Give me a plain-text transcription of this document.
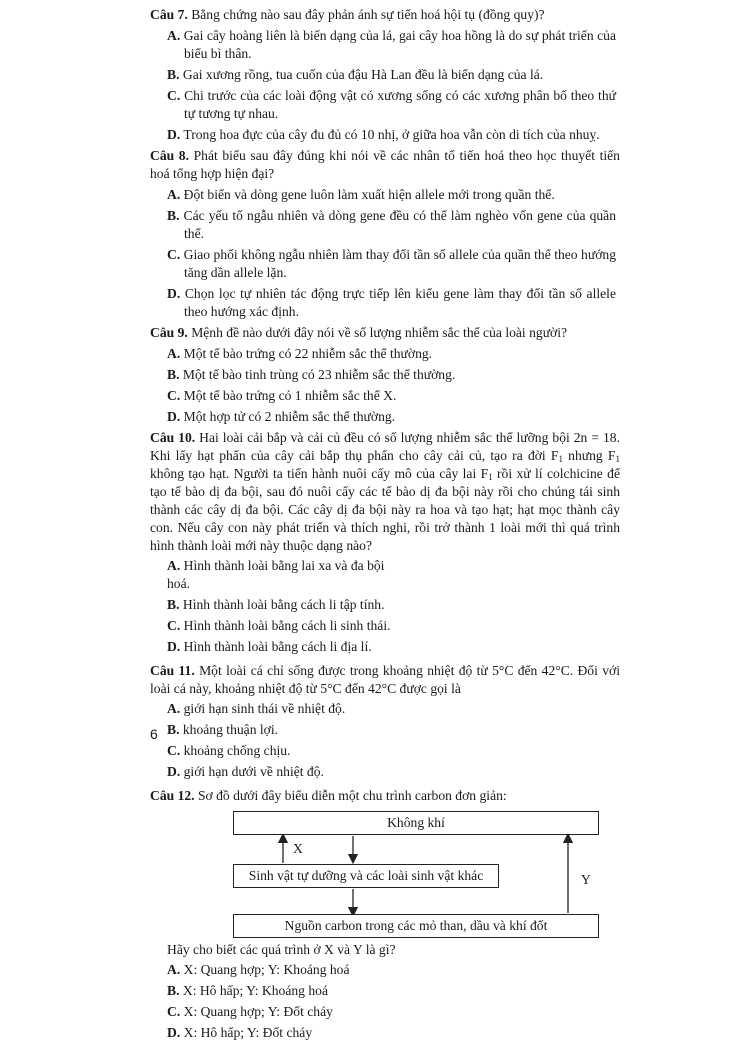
Câu 7. Bằng chứng nào sau đây phản ánh sự tiến hoá hội tụ (đồng quy)?
A. Gai cây hoàng liên là biến dạng của lá, gai cây hoa hồng là do sự phát triển của biểu bì thân.
B. Gai xương rồng, tua cuốn của đậu Hà Lan đều là biến dạng của lá.
C. Chi trước của các loài động vật có xương sống có các xương phân bố theo thứ tự tương tự nhau.
D. Trong hoa đực của cây đu đủ có 10 nhị, ở giữa hoa vẫn còn di tích của nhuỵ.
Câu 8. Phát biểu sau đây đúng khi nói về các nhân tố tiến hoá theo học thuyết tiến hoá tổng hợp hiện đại?
A. Đột biến và dòng gene luôn làm xuất hiện allele mới trong quần thể.
B. Các yếu tố ngẫu nhiên và dòng gene đều có thể làm nghèo vốn gene của quần thể.
C. Giao phối không ngẫu nhiên làm thay đổi tần số allele của quần thể theo hướng tăng dần allele lặn.
D. Chọn lọc tự nhiên tác động trực tiếp lên kiểu gene làm thay đổi tần số allele theo hướng xác định.
Câu 9. Mệnh đề nào dưới đây nói về số lượng nhiễm sắc thể của loài người?
A. Một tế bào trứng có 22 nhiễm sắc thể thường.
B. Một tế bào tinh trùng có 23 nhiễm sắc thể thường.
C. Một tế bào trứng có 1 nhiễm sắc thể X.
D. Một hợp tử có 2 nhiễm sắc thể thường.
Câu 10. Hai loài cải bắp và cải củ đều có số lượng nhiễm sắc thể lưỡng bội 2n = 18. Khi lấy hạt phấn của cây cải bắp thụ phấn cho cây cải củ, tạo ra đời $F_1$ nhưng $F_1$ không tạo hạt. Người ta tiến hành nuôi cấy mô của cây lai $F_1$ rồi xử lí colchicine để tạo tế bào dị đa bội, sau đó nuôi cấy các tế bào dị đa bội này rồi cho chúng tái sinh thành các cây dị đa bội. Các cây dị đa bội này ra hoa và tạo hạt; hạt mọc thành cây con. Nếu cây con này phát triển và thích nghi, rồi trở thành 1 loài mới thì quá trình hình thành loài mới này thuộc dạng nào?
A. Hình thành loài bằng lai xa và đa bội hoá.
B. Hình thành loài bằng cách li tập tính.
C. Hình thành loài bằng cách li sinh thái.
D. Hình thành loài bằng cách li địa lí.
Câu 11. Một loài cá chỉ sống được trong khoảng nhiệt độ từ 5°C đến 42°C. Đối với loài cá này, khoảng nhiệt độ từ 5°C đến 42°C được gọi là
A. giới hạn sinh thái về nhiệt độ.
B. khoảng thuận lợi.
C. khoảng chống chịu.
D. giới hạn dưới về nhiệt độ.
Câu 12. Sơ đồ dưới đây biểu diễn một chu trình carbon đơn giản:
Không khí
Sinh vật tự dưỡng và các loài sinh vật khác
Nguồn carbon trong các mỏ than, dầu và khí đốt
X
Y
Hãy cho biết các quá trình ở X và Y là gì?
A. X: Quang hợp; Y: Khoáng hoá
B. X: Hô hấp; Y: Khoáng hoá
C. X: Quang hợp; Y: Đốt cháy
D. X: Hô hấp; Y: Đốt cháy
6
